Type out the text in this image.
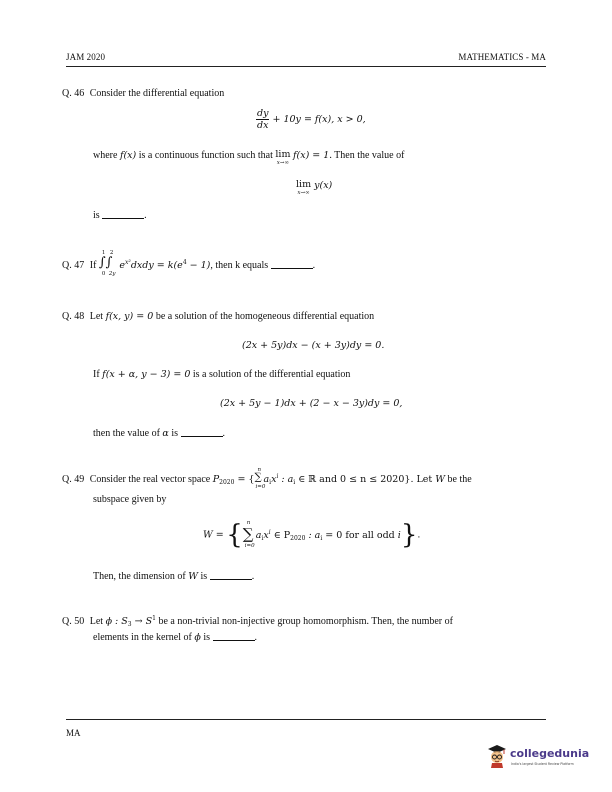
JAM 2020	MATHEMATICS - MA
Q. 46 Consider the differential equation
$\frac{dy}{dx} + 10y = f(x)$, x > 0,
where f(x) is a continuous function such that lim
x→∞
f(x) = 1. Then the value of
lim
x→∞
y(x)
is	.
Q. 47 If
1 2
∫∫
0 2y
$e^{x^2}dxdy = k(e^4 - 1)$, then k equals	.
Q. 48 Let f(x, y) = 0 be a solution of the homogeneous differential equation
(2x + 5y)dx − (x + 3y)dy = 0.
If f(x + α, y − 3) = 0 is a solution of the differential equation
(2x + 5y − 1)dx + (2 − x − 3y)dy = 0,
then the value of α is	.
Q. 49 Consider the real vector space $P_{2020}$ = {
n
∑
i=0
$a_ix^i$ : $a_i$ ∈ ℝ and 0 ≤ n ≤ 2020}. Let W be the
subspace given by
W = { n
∑
i=0
$a_ix^i$ ∈ $P_{2020}$ : $a_i = 0$ for all odd i}.
Then, the dimension of W is	.
Q. 50 Let ϕ : $S_3 \to S^1$ be a non-trivial non-injective group homomorphism. Then, the number of
elements in the kernel of ϕ is	.
MA
collegedunia
India's largest Student Review Platform
